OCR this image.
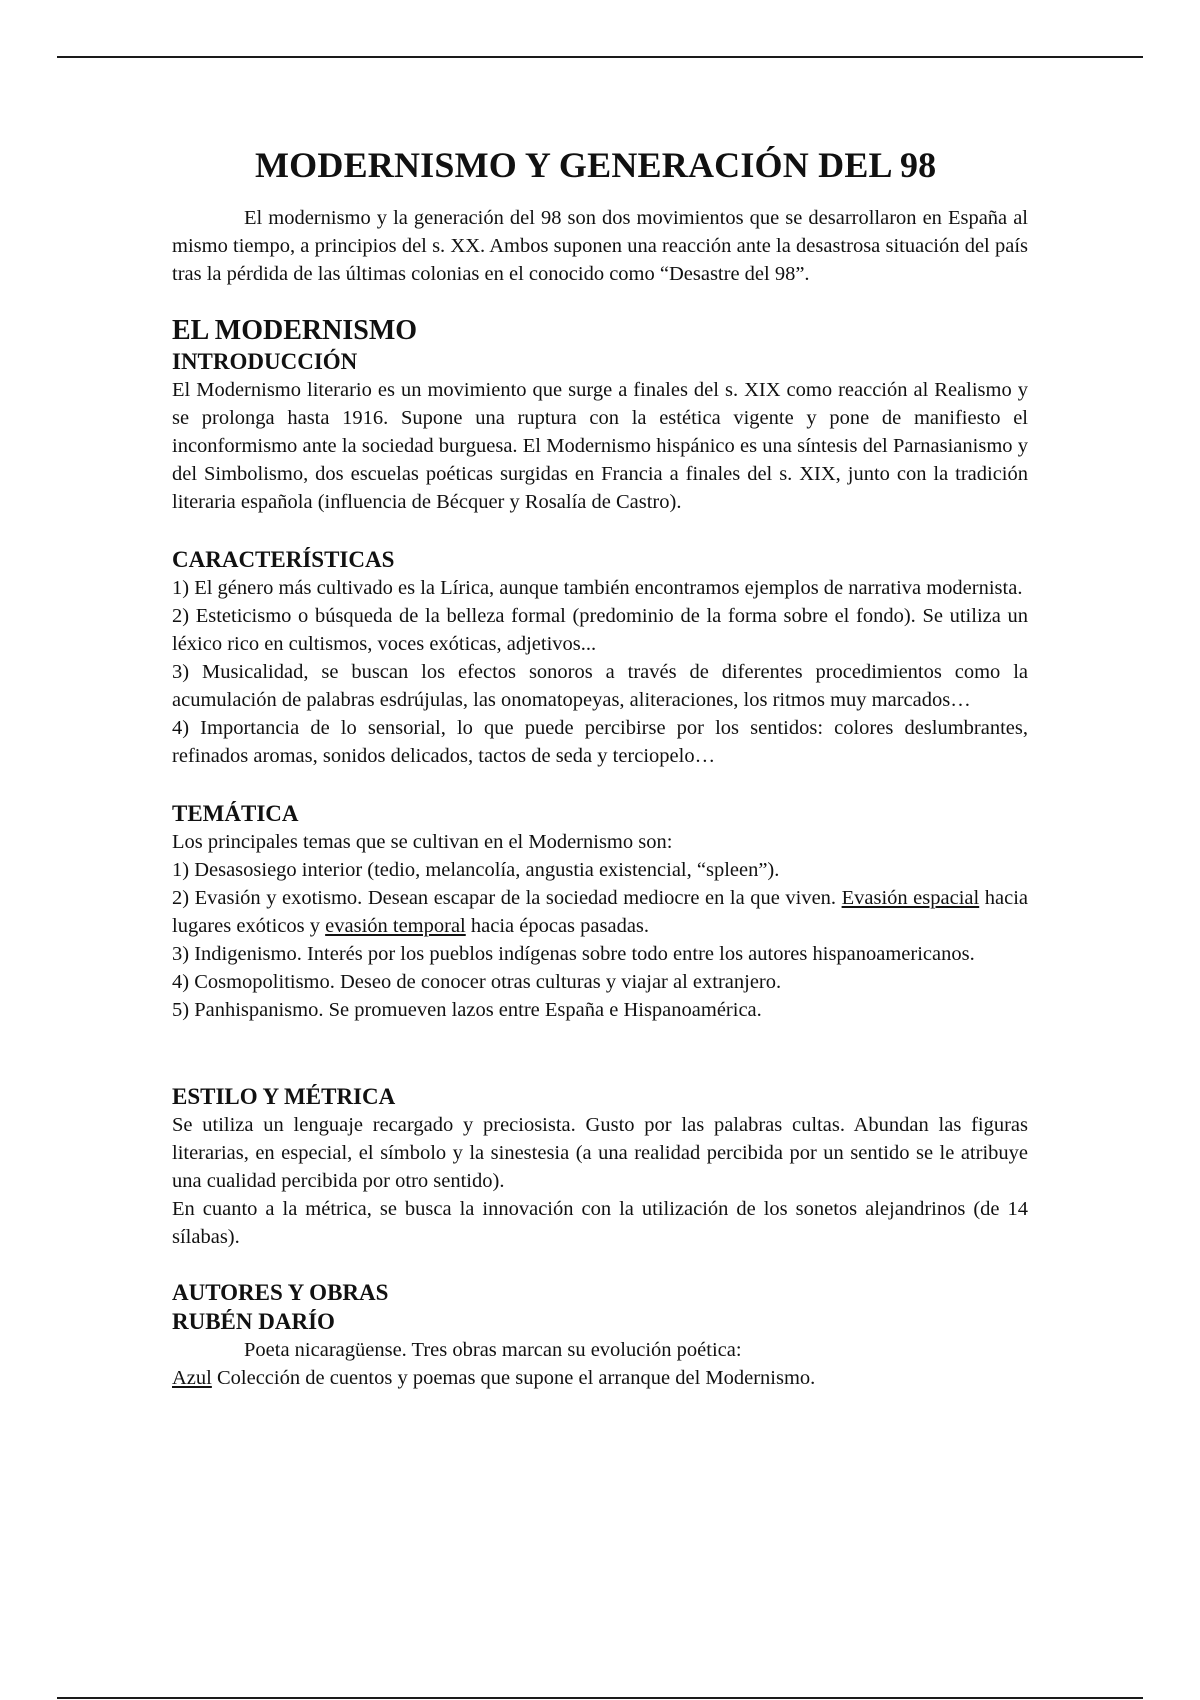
MODERNISMO Y GENERACIÓN DEL 98

El modernismo y la generación del 98 son dos movimientos que se desarrollaron en España al mismo tiempo, a principios del s. XX. Ambos suponen una reacción ante la desastrosa situación del país tras la pérdida de las últimas colonias en el conocido como “Desastre del 98”.

EL MODERNISMO
INTRODUCCIÓN

El Modernismo literario es un movimiento que surge a finales del s. XIX como reacción al Realismo y se prolonga hasta 1916. Supone una ruptura con la estética vigente y pone de manifiesto el inconformismo ante la sociedad burguesa. El Modernismo hispánico es una síntesis del Parnasianismo y del Simbolismo, dos escuelas poéticas surgidas en Francia a finales del s. XIX, junto con la tradición literaria española (influencia de Bécquer y Rosalía de Castro).

CARACTERÍSTICAS

1) El género más cultivado es la Lírica, aunque también encontramos ejemplos de narrativa modernista.

2) Esteticismo o búsqueda de la belleza formal (predominio de la forma sobre el fondo). Se utiliza un léxico rico en cultismos, voces exóticas, adjetivos...

3) Musicalidad, se buscan los efectos sonoros a través de diferentes procedimientos como la acumulación de palabras esdrújulas, las onomatopeyas, aliteraciones, los ritmos muy marcados…

4) Importancia de lo sensorial, lo que puede percibirse por los sentidos: colores deslumbrantes, refinados aromas, sonidos delicados, tactos de seda y terciopelo…

TEMÁTICA

Los principales temas que se cultivan en el Modernismo son:

1) Desasosiego interior (tedio, melancolía, angustia existencial, “spleen”).

2) Evasión y exotismo. Desean escapar de la sociedad mediocre en la que viven. Evasión espacial hacia lugares exóticos y evasión temporal hacia épocas pasadas.

3) Indigenismo. Interés por los pueblos indígenas sobre todo entre los autores hispanoamericanos.

4) Cosmopolitismo. Deseo de conocer otras culturas y viajar al extranjero.

5) Panhispanismo. Se promueven lazos entre España e Hispanoamérica.

ESTILO Y MÉTRICA

Se utiliza un lenguaje recargado y preciosista. Gusto por las palabras cultas. Abundan las figuras literarias, en especial, el símbolo y la sinestesia (a una realidad percibida por un sentido se le atribuye una cualidad percibida por otro sentido).

En cuanto a la métrica, se busca la innovación con la utilización de los sonetos alejandrinos (de 14 sílabas).

AUTORES Y OBRAS
RUBÉN DARÍO

Poeta nicaragüense. Tres obras marcan su evolución poética:

Azul Colección de cuentos y poemas que supone el arranque del Modernismo.
